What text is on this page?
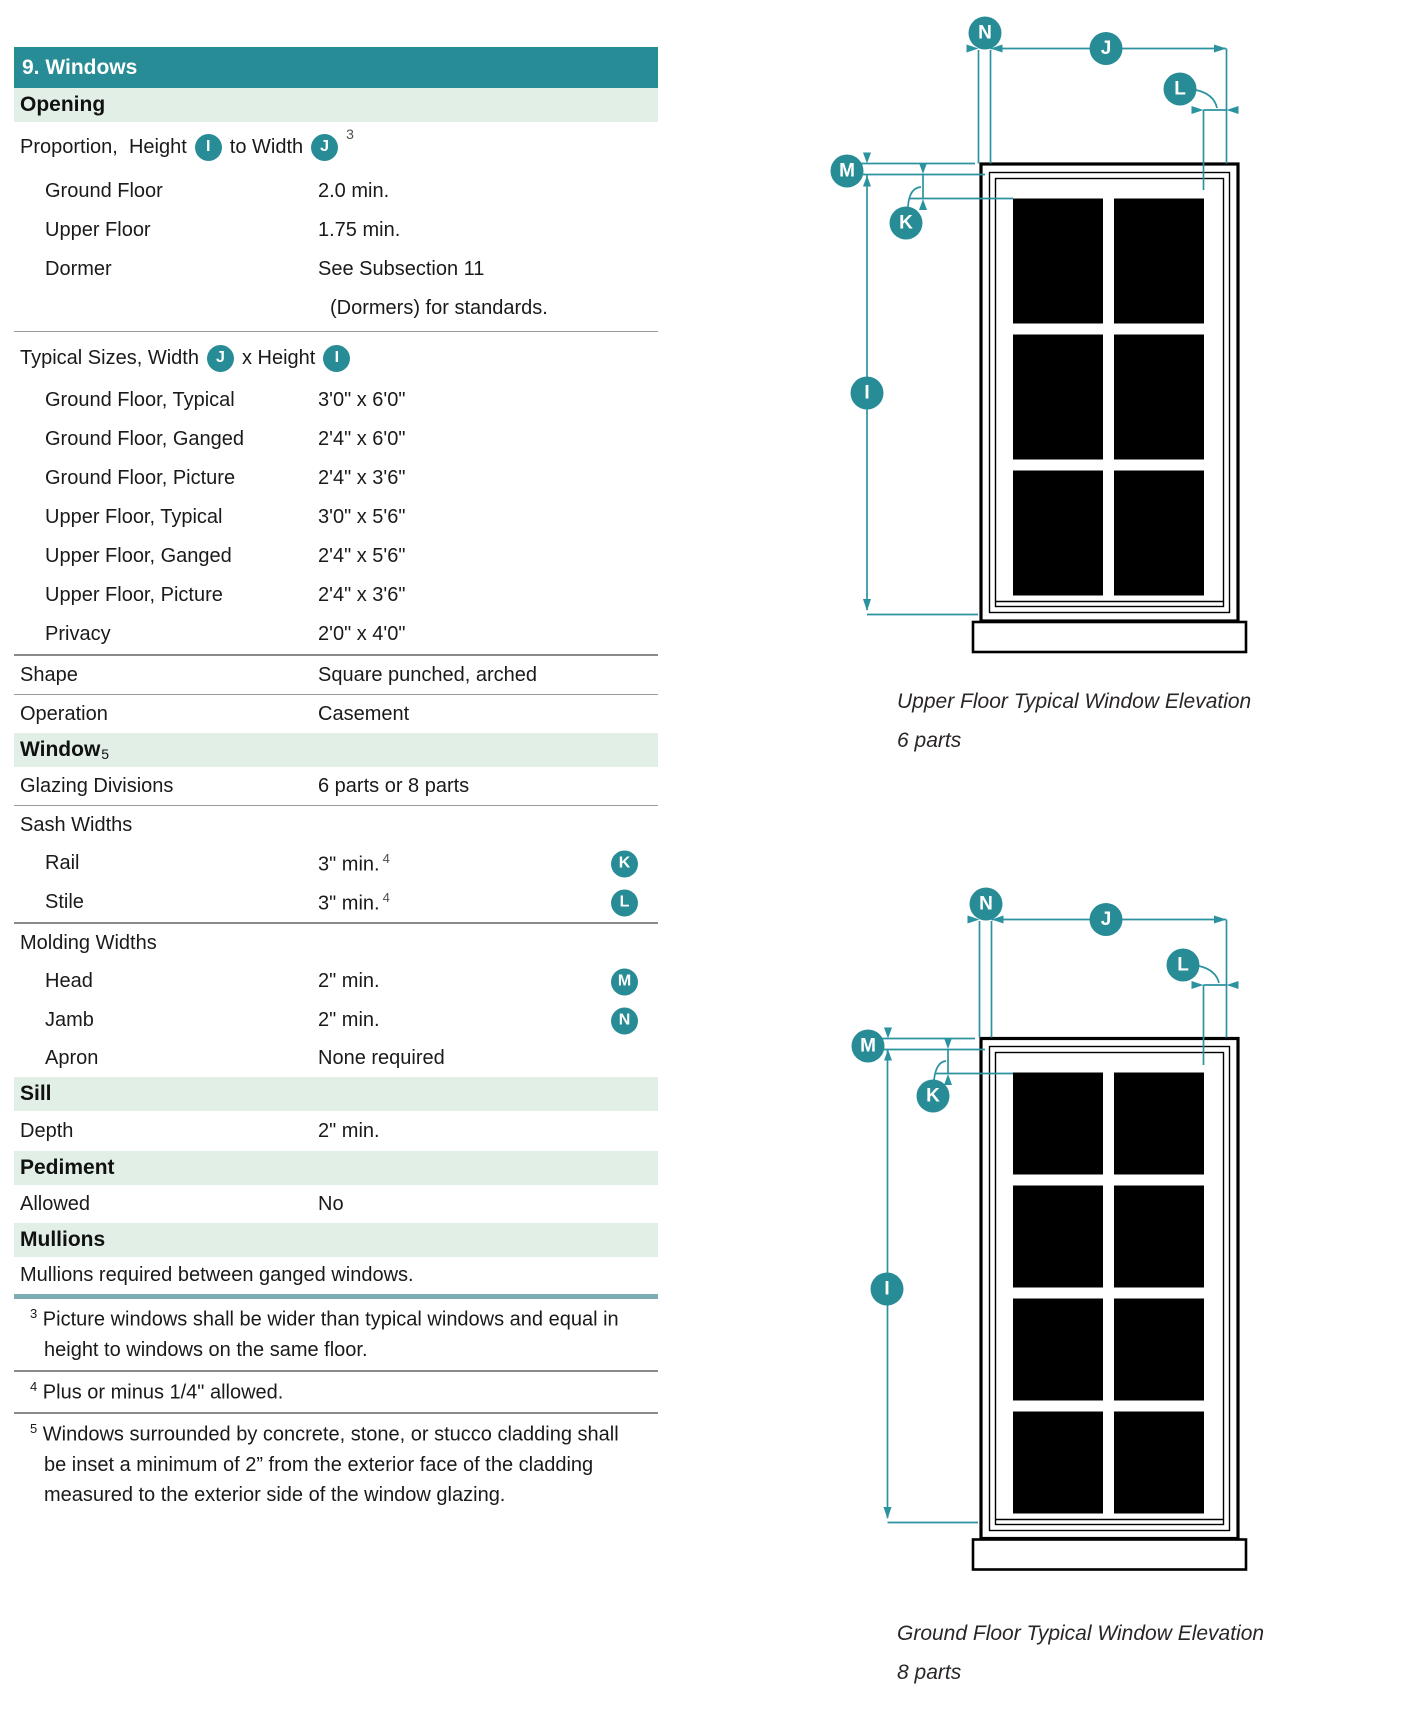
9. Windows
Opening
Proportion,  Height	I to Width	J
3
Ground Floor	2.0 min.
Upper Floor	1.75 min.
Dormer	See Subsection 11
(Dormers) for standards.
Typical Sizes, Width	J x Height	I
Ground Floor, Typical	3'0" x 6'0"
Ground Floor, Ganged	2'4" x 6'0"
Ground Floor, Picture	2'4" x 3'6"
Upper Floor, Typical	3'0" x 5'6"
Upper Floor, Ganged	2'4" x 5'6"
Upper Floor, Picture	2'4" x 3'6"
Privacy	2'0" x 4'0"
Shape	Square punched, arched
Operation	Casement
Window 5
Glazing Divisions	6 parts or 8 parts
Sash Widths
Rail	3" min. $^4$	K
Stile	3" min. $^4$	L
Molding Widths
Head	2" min.	M
Jamb	2" min.	N
Apron	None required
Sill
Depth	2" min.
Pediment
Allowed	No
Mullions
Mullions required between ganged windows.
$^3$ Picture windows shall be wider than typical windows and equal in height to windows on the same floor.
$^4$ Plus or minus 1/4" allowed.
$^5$ Windows surrounded by concrete, stone, or stucco cladding shall be inset a minimum of 2” from the exterior face of the cladding measured to the exterior side of the window glazing.
N
J
L
M
K
I
Upper Floor Typical Window Elevation
6 parts
N
J
L
M
K
I
Ground Floor Typical Window Elevation
8 parts
